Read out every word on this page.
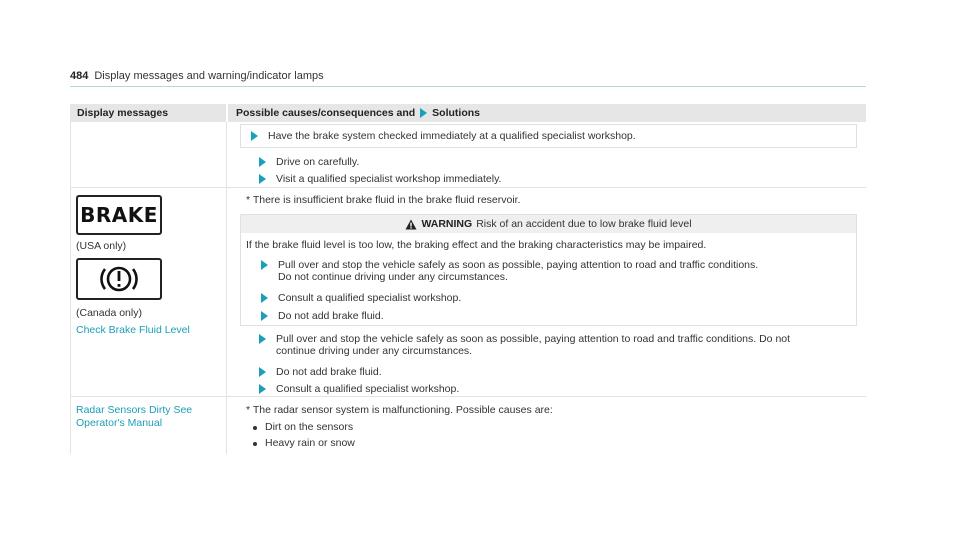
484 Display messages and warning/indicator lamps
Display messages	Possible causes/consequences and Solutions
Have the brake system checked immediately at a qualified specialist workshop.
Drive on carefully.
Visit a qualified specialist workshop immediately.
BRAKE
(USA only)
(Canada only)
Check Brake Fluid Level
* There is insufficient brake fluid in the brake fluid reservoir.
WARNING Risk of an accident due to low brake fluid level
If the brake fluid level is too low, the braking effect and the braking characteristics may be impaired.
Pull over and stop the vehicle safely as soon as possible, paying attention to road and traffic conditions.
Do not continue driving under any circumstances.
Consult a qualified specialist workshop.
Do not add brake fluid.
Pull over and stop the vehicle safely as soon as possible, paying attention to road and traffic conditions. Do not
continue driving under any circumstances.
Do not add brake fluid.
Consult a qualified specialist workshop.
Radar Sensors Dirty See
Operator's Manual
* The radar sensor system is malfunctioning. Possible causes are:
Dirt on the sensors
Heavy rain or snow
